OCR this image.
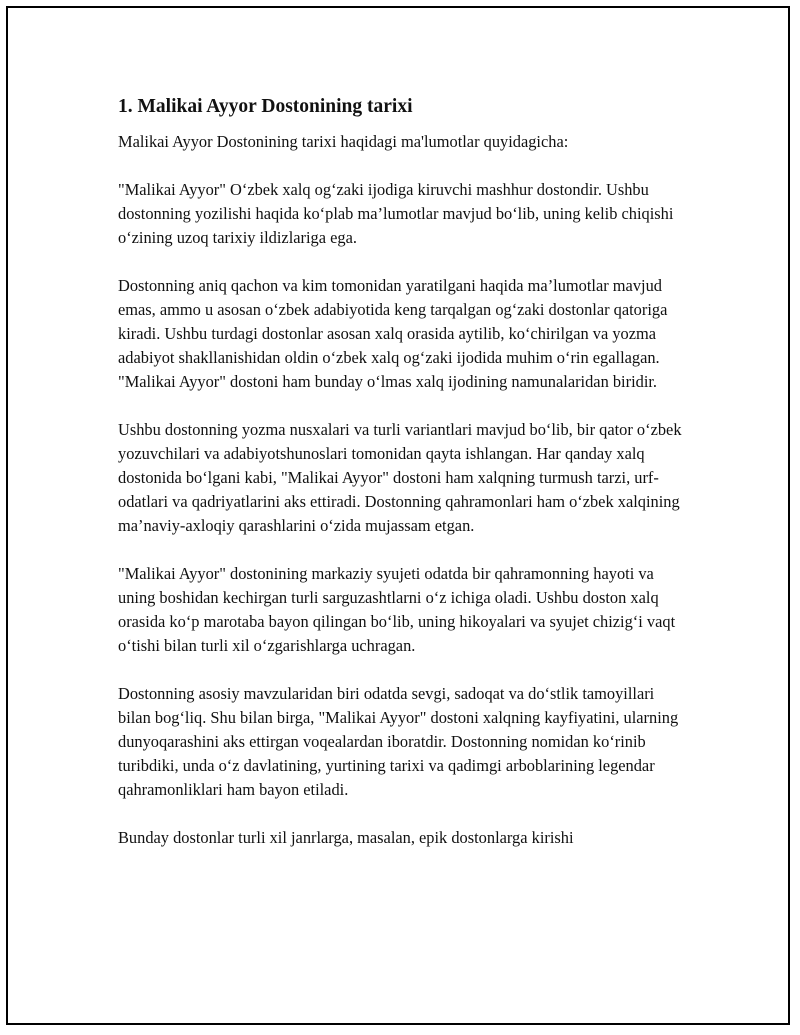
1. Malikai Ayyor Dostonining tarixi

Malikai Ayyor Dostonining tarixi haqidagi ma'lumotlar quyidagicha:

"Malikai Ayyor" O‘zbek xalq og‘zaki ijodiga kiruvchi mashhur dostondir. Ushbu dostonning yozilishi haqida ko‘plab ma’lumotlar mavjud bo‘lib, uning kelib chiqishi o‘zining uzoq tarixiy ildizlariga ega.

Dostonning aniq qachon va kim tomonidan yaratilgani haqida ma’lumotlar mavjud emas, ammo u asosan o‘zbek adabiyotida keng tarqalgan og‘zaki dostonlar qatoriga kiradi. Ushbu turdagi dostonlar asosan xalq orasida aytilib, ko‘chirilgan va yozma adabiyot shakllanishidan oldin o‘zbek xalq og‘zaki ijodida muhim o‘rin egallagan. "Malikai Ayyor" dostoni ham bunday o‘lmas xalq ijodining namunalaridan biridir.

Ushbu dostonning yozma nusxalari va turli variantlari mavjud bo‘lib, bir qator o‘zbek yozuvchilari va adabiyotshunoslari tomonidan qayta ishlangan. Har qanday xalq dostonida bo‘lgani kabi, "Malikai Ayyor" dostoni ham xalqning turmush tarzi, urf-odatlari va qadriyatlarini aks ettiradi. Dostonning qahramonlari ham o‘zbek xalqining ma’naviy-axloqiy qarashlarini o‘zida mujassam etgan.

"Malikai Ayyor" dostonining markaziy syujeti odatda bir qahramonning hayoti va uning boshidan kechirgan turli sarguzashtlarni o‘z ichiga oladi. Ushbu doston xalq orasida ko‘p marotaba bayon qilingan bo‘lib, uning hikoyalari va syujet chizig‘i vaqt o‘tishi bilan turli xil o‘zgarishlarga uchragan.

Dostonning asosiy mavzularidan biri odatda sevgi, sadoqat va do‘stlik tamoyillari bilan bog‘liq. Shu bilan birga, "Malikai Ayyor" dostoni xalqning kayfiyatini, ularning dunyoqarashini aks ettirgan voqealardan iboratdir. Dostonning nomidan ko‘rinib turibdiki, unda o‘z davlatining, yurtining tarixi va qadimgi arboblarining legendar qahramonliklari ham bayon etiladi.

Bunday dostonlar turli xil janrlarga, masalan, epik dostonlarga kirishi
